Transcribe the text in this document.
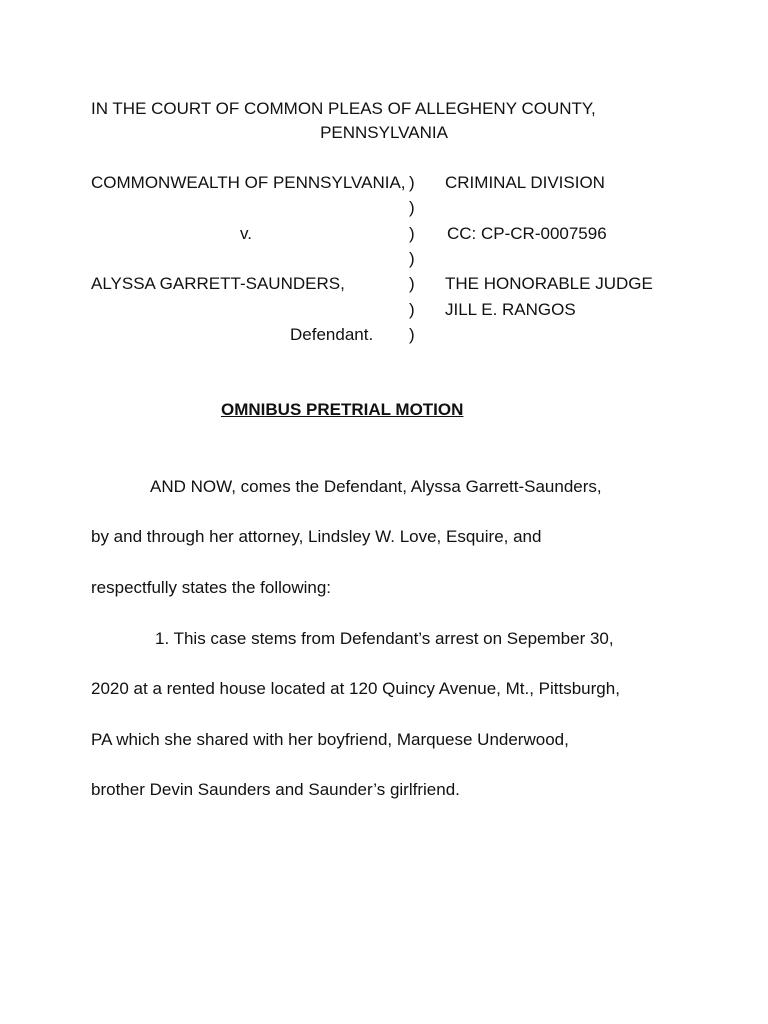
IN THE COURT OF COMMON PLEAS OF ALLEGHENY COUNTY,
PENNSYLVANIA
COMMONWEALTH OF PENNSYLVANIA,
v.
ALYSSA GARRETT-SAUNDERS,
Defendant.
)
)
)
)
)
)
)
CRIMINAL DIVISION
CC: CP-CR-0007596
THE HONORABLE JUDGE
JILL E. RANGOS
OMNIBUS PRETRIAL MOTION
AND NOW, comes the Defendant, Alyssa Garrett-Saunders,
by and through her attorney, Lindsley W. Love, Esquire, and
respectfully states the following:
1. This case stems from Defendant’s arrest on Sepember 30,
2020 at a rented house located at 120 Quincy Avenue, Mt., Pittsburgh,
PA which she shared with her boyfriend, Marquese Underwood,
brother Devin Saunders and Saunder’s girlfriend.
